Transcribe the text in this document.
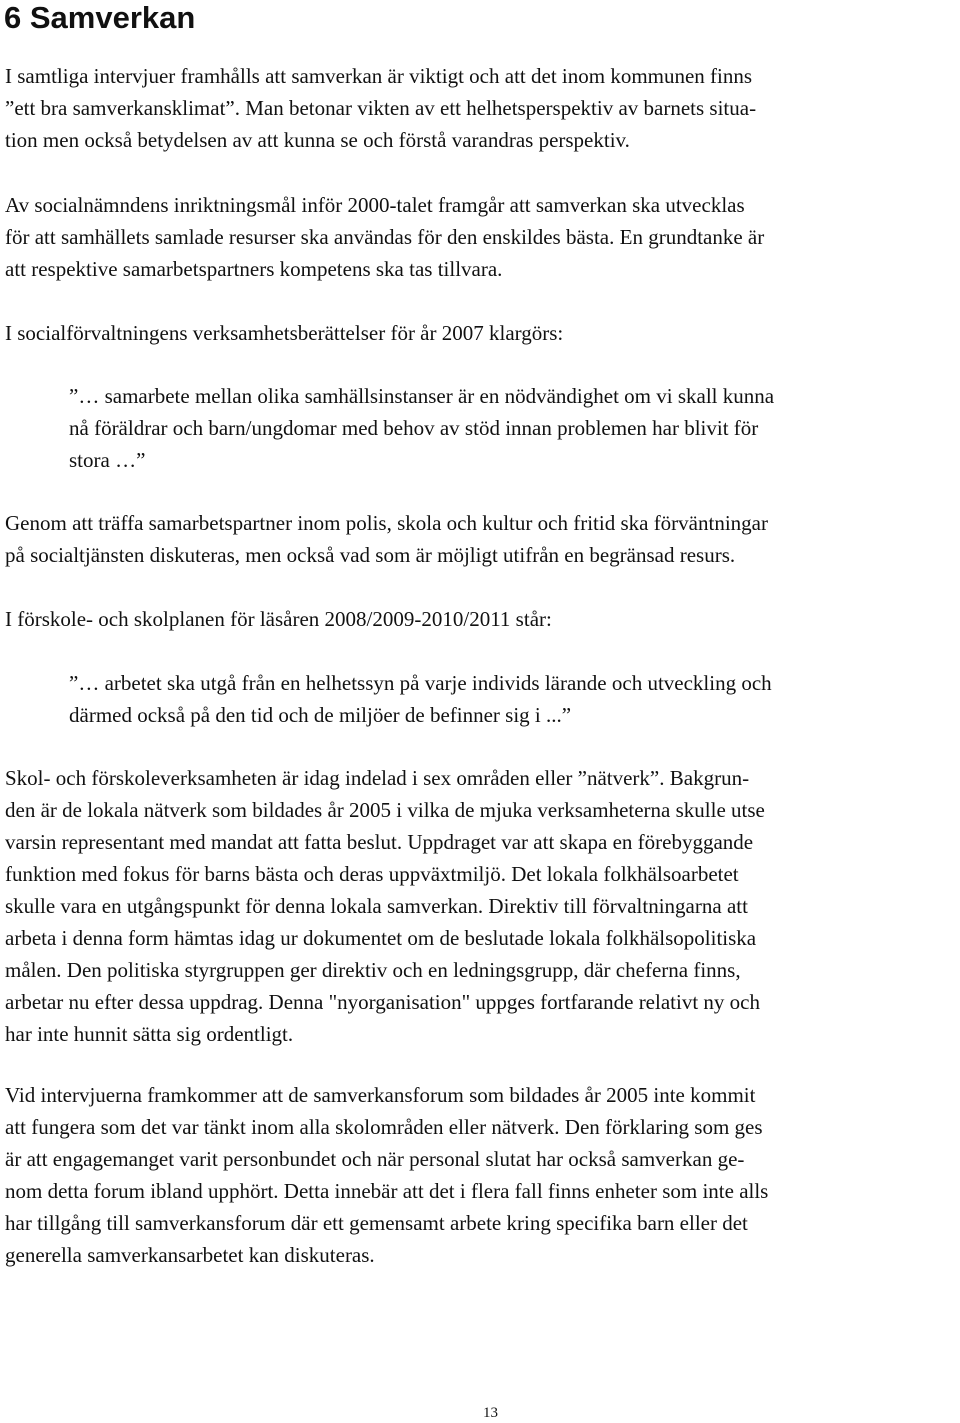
6 Samverkan

I samtliga intervjuer framhålls att samverkan är viktigt och att det inom kommunen finns
”ett bra samverkansklimat”. Man betonar vikten av ett helhetsperspektiv av barnets situa-
tion men också betydelsen av att kunna se och förstå varandras perspektiv.

Av socialnämndens inriktningsmål inför 2000-talet framgår att samverkan ska utvecklas
för att samhällets samlade resurser ska användas för den enskildes bästa. En grundtanke är
att respektive samarbetspartners kompetens ska tas tillvara.

I socialförvaltningens verksamhetsberättelser för år 2007 klargörs:

”… samarbete mellan olika samhällsinstanser är en nödvändighet om vi skall kunna
nå föräldrar och barn/ungdomar med behov av stöd innan problemen har blivit för
stora …”

Genom att träffa samarbetspartner inom polis, skola och kultur och fritid ska förväntningar
på socialtjänsten diskuteras, men också vad som är möjligt utifrån en begränsad resurs.

I förskole- och skolplanen för läsåren 2008/2009-2010/2011 står:

”… arbetet ska utgå från en helhetssyn på varje individs lärande och utveckling och
därmed också på den tid och de miljöer de befinner sig i ...”

Skol- och förskoleverksamheten är idag indelad i sex områden eller ”nätverk”. Bakgrun-
den är de lokala nätverk som bildades år 2005 i vilka de mjuka verksamheterna skulle utse
varsin representant med mandat att fatta beslut. Uppdraget var att skapa en förebyggande
funktion med fokus för barns bästa och deras uppväxtmiljö. Det lokala folkhälsoarbetet
skulle vara en utgångspunkt för denna lokala samverkan. Direktiv till förvaltningarna att
arbeta i denna form hämtas idag ur dokumentet om de beslutade lokala folkhälsopolitiska
målen. Den politiska styrgruppen ger direktiv och en ledningsgrupp, där cheferna finns,
arbetar nu efter dessa uppdrag. Denna "nyorganisation" uppges fortfarande relativt ny och
har inte hunnit sätta sig ordentligt.

Vid intervjuerna framkommer att de samverkansforum som bildades år 2005 inte kommit
att fungera som det var tänkt inom alla skolområden eller nätverk. Den förklaring som ges
är att engagemanget varit personbundet och när personal slutat har också samverkan ge-
nom detta forum ibland upphört. Detta innebär att det i flera fall finns enheter som inte alls
har tillgång till samverkansforum där ett gemensamt arbete kring specifika barn eller det
generella samverkansarbetet kan diskuteras.

13
